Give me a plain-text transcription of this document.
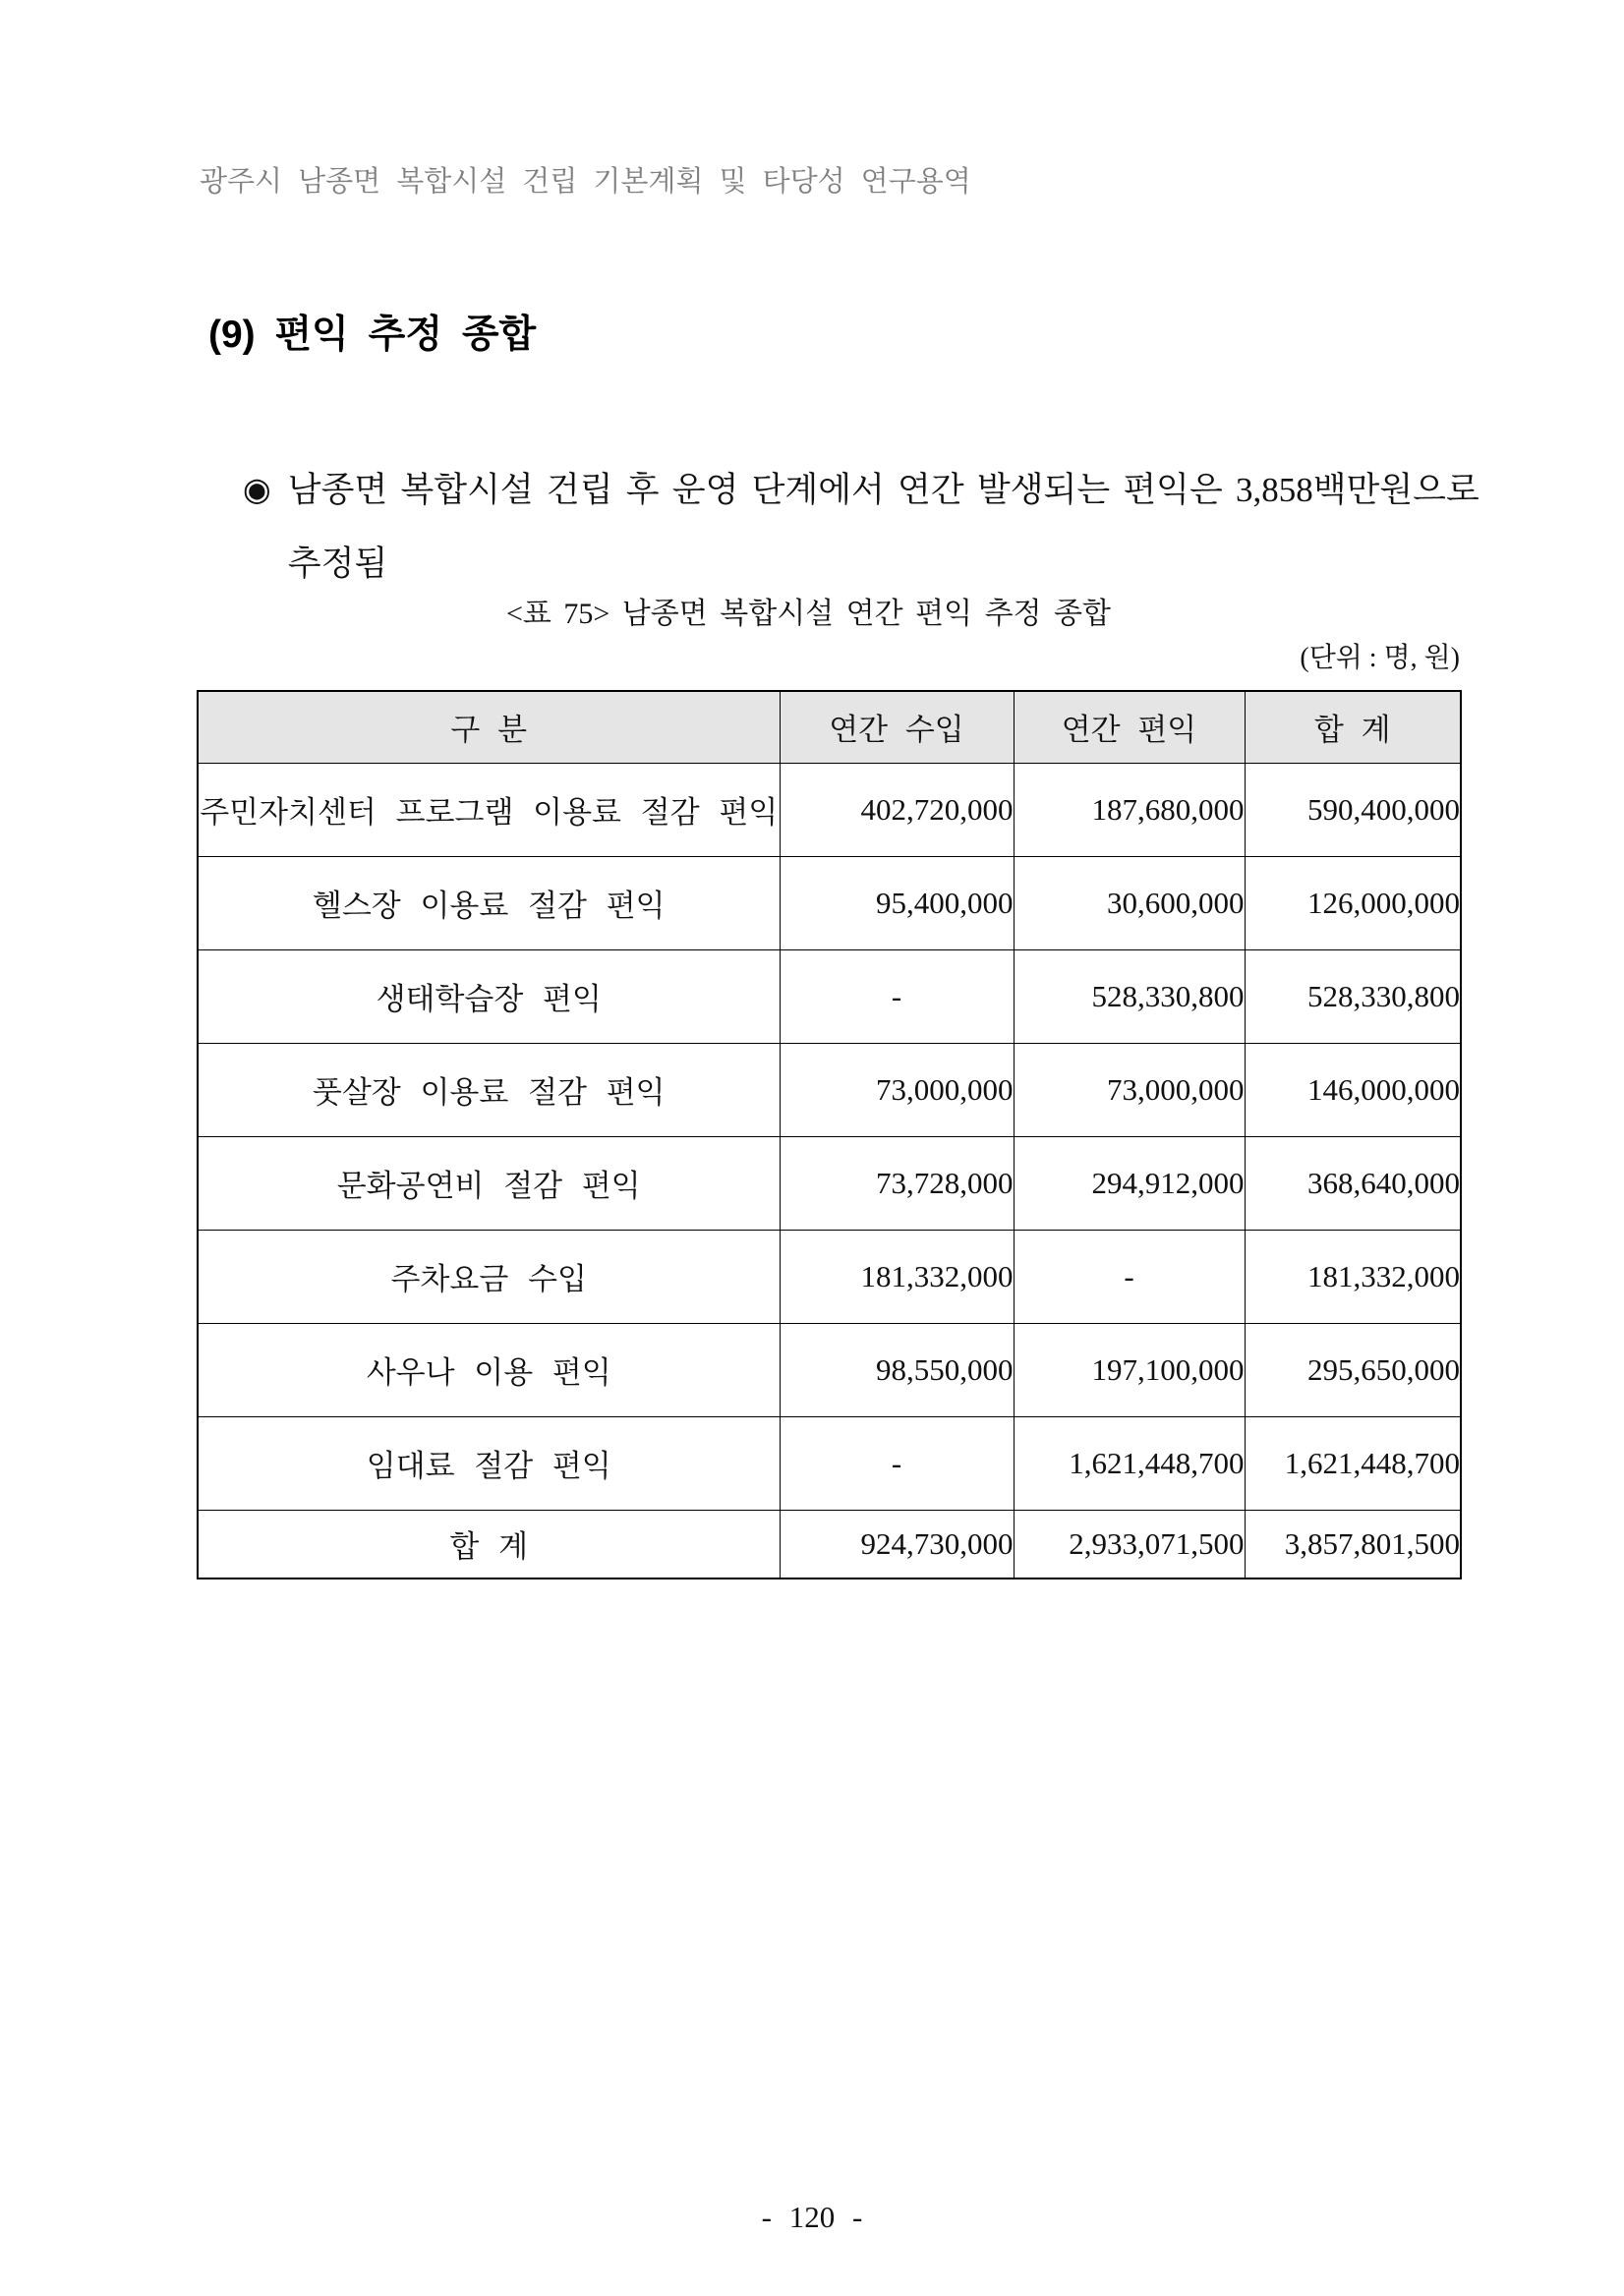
광주시 남종면 복합시설 건립 기본계획 및 타당성 연구용역
(9) 편익 추정 종합
◉ 남종면 복합시설 건립 후 운영 단계에서 연간 발생되는 편익은 3,858백만원으로
추정됨
<표 75> 남종면 복합시설 연간 편익 추정 종합
(단위 : 명, 원)
구 분	연간 수입	연간 편익	합 계
주민자치센터 프로그램 이용료 절감 편익	402,720,000	187,680,000	590,400,000
헬스장 이용료 절감 편익	95,400,000	30,600,000	126,000,000
생태학습장 편익	-	528,330,800	528,330,800
풋살장 이용료 절감 편익	73,000,000	73,000,000	146,000,000
문화공연비 절감 편익	73,728,000	294,912,000	368,640,000
주차요금 수입	181,332,000	-	181,332,000
사우나 이용 편익	98,550,000	197,100,000	295,650,000
임대료 절감 편익	-	1,621,448,700	1,621,448,700
합 계	924,730,000	2,933,071,500	3,857,801,500
- 120 -
